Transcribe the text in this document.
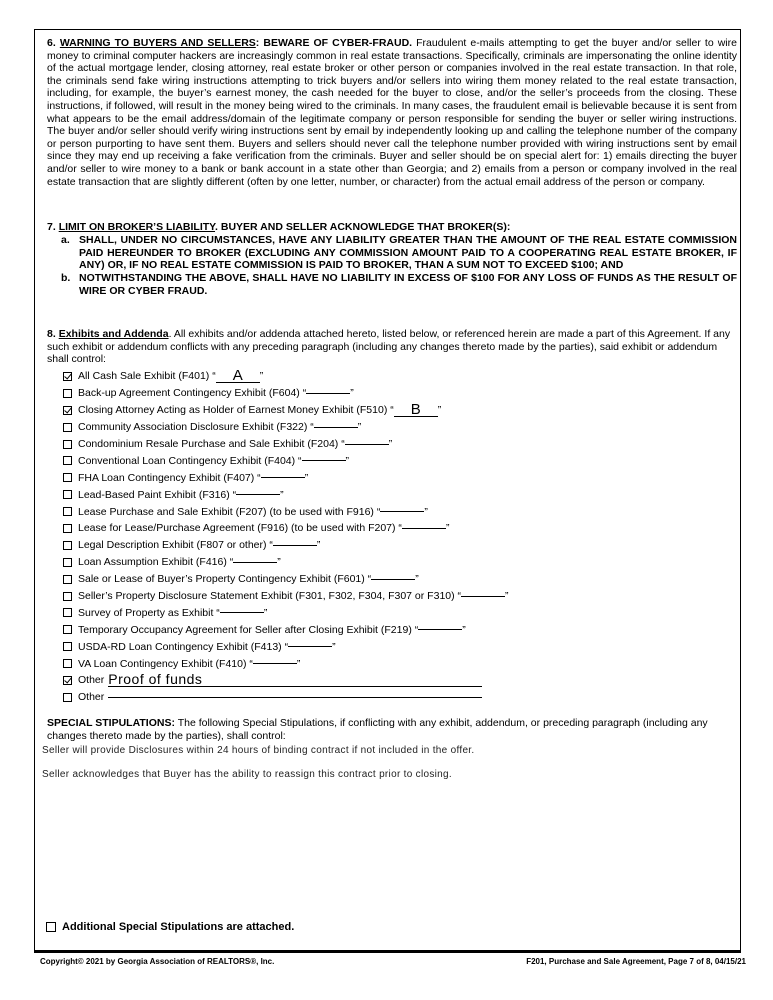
6. WARNING TO BUYERS AND SELLERS: BEWARE OF CYBER-FRAUD. Fraudulent e-mails attempting to get the buyer and/or seller to wire money to criminal computer hackers are increasingly common in real estate transactions. Specifically, criminals are impersonating the online identity of the actual mortgage lender, closing attorney, real estate broker or other person or companies involved in the real estate transaction. In that role, the criminals send fake wiring instructions attempting to trick buyers and/or sellers into wiring them money related to the real estate transaction, including, for example, the buyer’s earnest money, the cash needed for the buyer to close, and/or the seller’s proceeds from the closing. These instructions, if followed, will result in the money being wired to the criminals. In many cases, the fraudulent email is believable because it is sent from what appears to be the email address/domain of the legitimate company or person responsible for sending the buyer or seller wiring instructions. The buyer and/or seller should verify wiring instructions sent by email by independently looking up and calling the telephone number of the company or person purporting to have sent them. Buyers and sellers should never call the telephone number provided with wiring instructions sent by email since they may end up receiving a fake verification from the criminals. Buyer and seller should be on special alert for: 1) emails directing the buyer and/or seller to wire money to a bank or bank account in a state other than Georgia; and 2) emails from a person or company involved in the real estate transaction that are slightly different (often by one letter, number, or character) from the actual email address of the person or company.
7. LIMIT ON BROKER’S LIABILITY. BUYER AND SELLER ACKNOWLEDGE THAT BROKER(S):
a. SHALL, UNDER NO CIRCUMSTANCES, HAVE ANY LIABILITY GREATER THAN THE AMOUNT OF THE REAL ESTATE COMMISSION PAID HEREUNDER TO BROKER (EXCLUDING ANY COMMISSION AMOUNT PAID TO A COOPERATING REAL ESTATE BROKER, IF ANY) OR, IF NO REAL ESTATE COMMISSION IS PAID TO BROKER, THAN A SUM NOT TO EXCEED $100; AND
b. NOTWITHSTANDING THE ABOVE, SHALL HAVE NO LIABILITY IN EXCESS OF $100 FOR ANY LOSS OF FUNDS AS THE RESULT OF WIRE OR CYBER FRAUD.
8. Exhibits and Addenda. All exhibits and/or addenda attached hereto, listed below, or referenced herein are made a part of this Agreement. If any such exhibit or addendum conflicts with any preceding paragraph (including any changes thereto made by the parties), said exhibit or addendum shall control:
All Cash Sale Exhibit (F401) “	A	”
Back-up Agreement Contingency Exhibit (F604) “	”
Closing Attorney Acting as Holder of Earnest Money Exhibit (F510) “	B	”
Community Association Disclosure Exhibit (F322) “	”
Condominium Resale Purchase and Sale Exhibit (F204) “	”
Conventional Loan Contingency Exhibit (F404) “	”
FHA Loan Contingency Exhibit (F407) “	”
Lead-Based Paint Exhibit (F316) “	”
Lease Purchase and Sale Exhibit (F207) (to be used with F916) “	”
Lease for Lease/Purchase Agreement (F916) (to be used with F207) “	”
Legal Description Exhibit (F807 or other) “	”
Loan Assumption Exhibit (F416) “	”
Sale or Lease of Buyer’s Property Contingency Exhibit (F601) “	”
Seller’s Property Disclosure Statement Exhibit (F301, F302, F304, F307 or F310) “	”
Survey of Property as Exhibit “	”
Temporary Occupancy Agreement for Seller after Closing Exhibit (F219) “	”
USDA-RD Loan Contingency Exhibit (F413) “	”
VA Loan Contingency Exhibit (F410) “	”
Other Proof of funds
Other
SPECIAL STIPULATIONS: The following Special Stipulations, if conflicting with any exhibit, addendum, or preceding paragraph (including any changes thereto made by the parties), shall control:
Seller will provide Disclosures within 24 hours of binding contract if not included in the offer.
Seller acknowledges that Buyer has the ability to reassign this contract prior to closing.
Additional Special Stipulations are attached.
Copyright© 2021 by Georgia Association of REALTORS®, Inc.	F201, Purchase and Sale Agreement, Page 7 of 8, 04/15/21
